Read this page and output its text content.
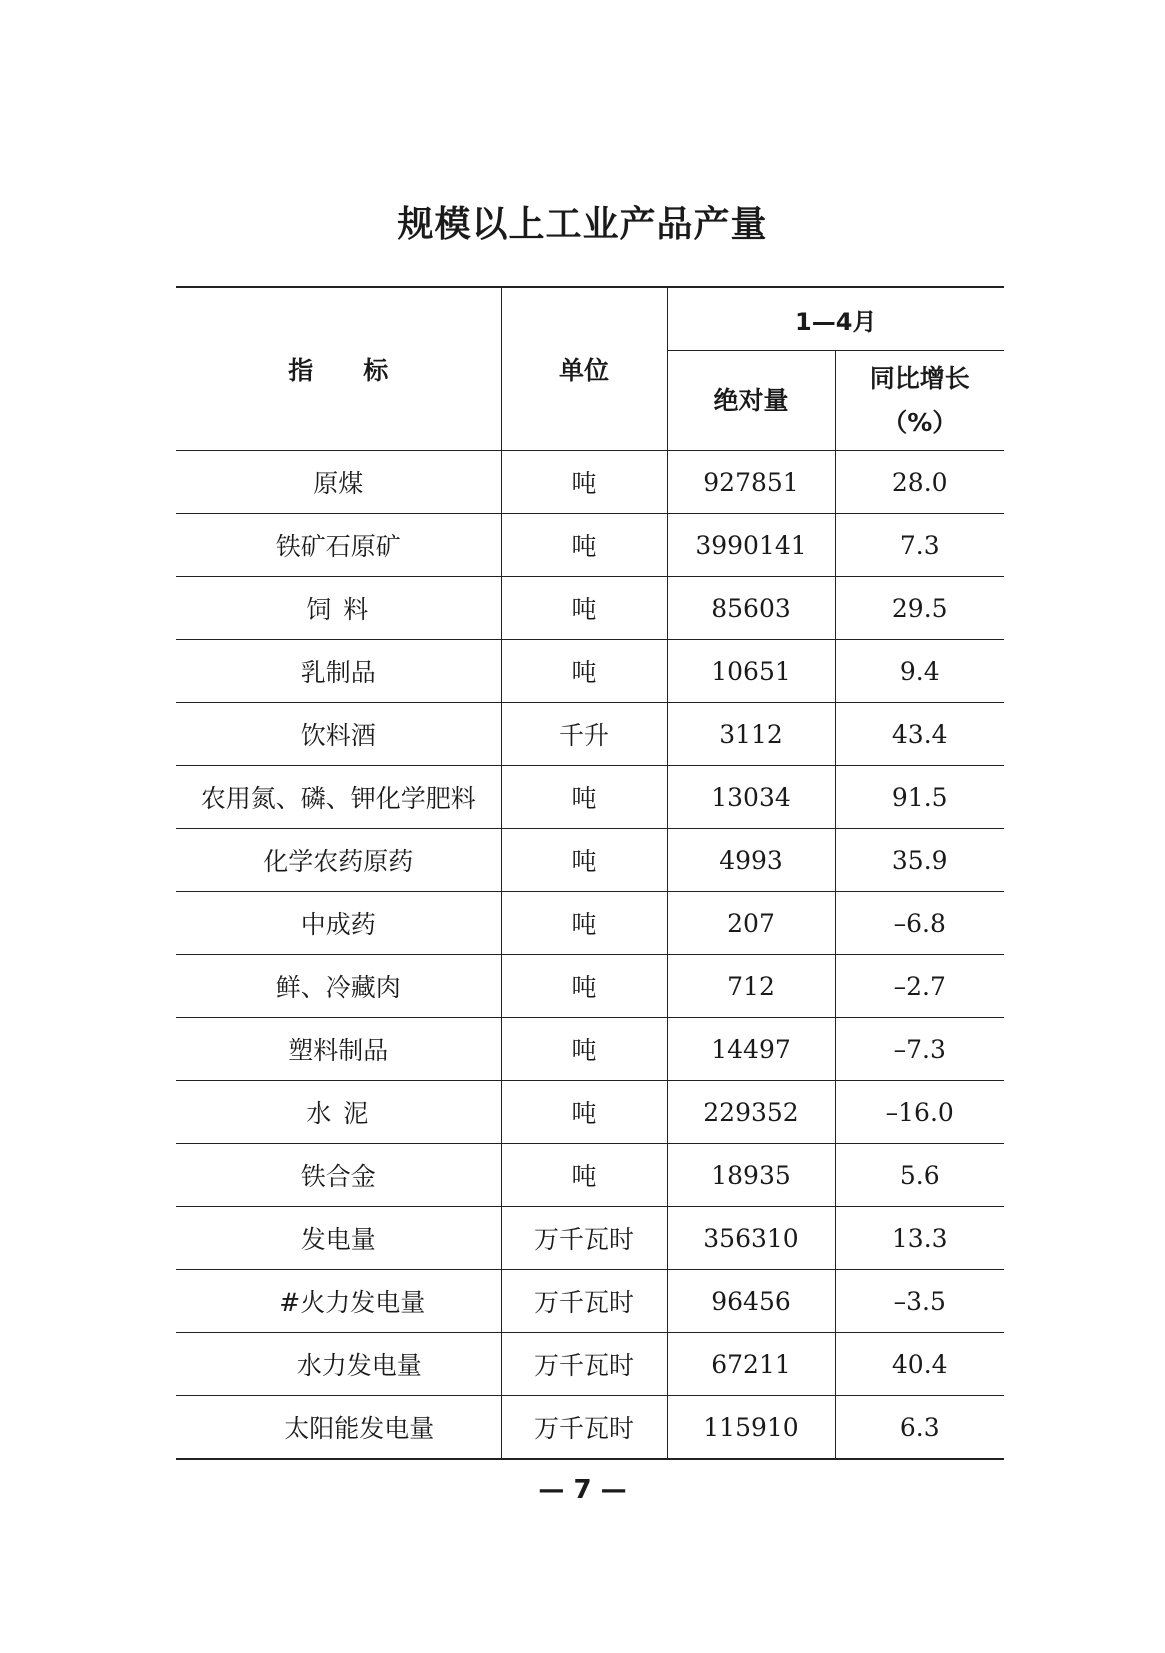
规模以上工业产品产量
指　　标	单位	1—4月	
		绝对量	同比增长
（%）

原煤	吨	927851	28.0
铁矿石原矿	吨	3990141	7.3
饲 料	吨	85603	29.5
乳制品	吨	10651	9.4
饮料酒	千升	3112	43.4
农用氮、磷、钾化学肥料	吨	13034	91.5
化学农药原药	吨	4993	35.9
中成药	吨	207	–6.8
鲜、冷藏肉	吨	712	–2.7
塑料制品	吨	14497	–7.3
水 泥	吨	229352	–16.0
铁合金	吨	18935	5.6
发电量	万千瓦时	356310	13.3
#火力发电量	万千瓦时	96456	–3.5
水力发电量	万千瓦时	67211	40.4
太阳能发电量	万千瓦时	115910	6.3
— 7 —
